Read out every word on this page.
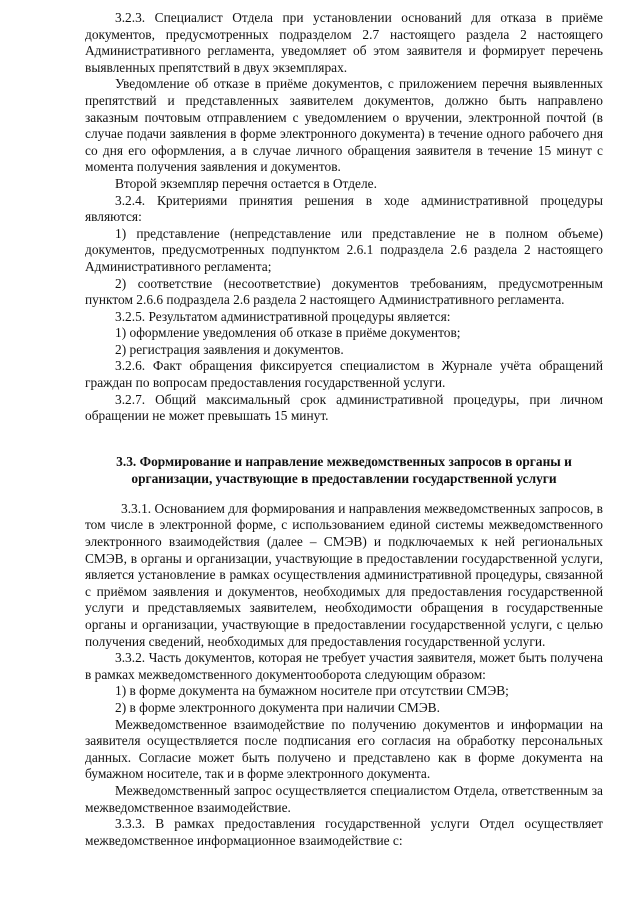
3.2.3. Специалист Отдела при установлении оснований для отказа в приёме документов, предусмотренных подразделом 2.7 настоящего раздела 2 настоящего Административного регламента, уведомляет об этом заявителя и формирует перечень выявленных препятствий в двух экземплярах.

Уведомление об отказе в приёме документов, с приложением перечня выявленных препятствий и представленных заявителем документов, должно быть направлено заказным почтовым отправлением с уведомлением о вручении, электронной почтой (в случае подачи заявления в форме электронного документа) в течение одного рабочего дня со дня его оформления, а в случае личного обращения заявителя в течение 15 минут с момента получения заявления и документов.

Второй экземпляр перечня остается в Отделе.

3.2.4. Критериями принятия решения в ходе административной процедуры являются:

1) представление (непредставление или представление не в полном объеме) документов, предусмотренных подпунктом 2.6.1 подраздела 2.6 раздела 2 настоящего Административного регламента;

2) соответствие (несоответствие) документов требованиям, предусмотренным пунктом 2.6.6 подраздела 2.6 раздела 2 настоящего Административного регламента.

3.2.5. Результатом административной процедуры является:

1) оформление уведомления об отказе в приёме документов;

2) регистрация заявления и документов.

3.2.6. Факт обращения фиксируется специалистом в Журнале учёта обращений граждан по вопросам предоставления государственной услуги.

3.2.7. Общий максимальный срок административной процедуры, при личном обращении не может превышать 15 минут.

3.3. Формирование и направление межведомственных запросов в органы и
организации, участвующие в предоставлении государственной услуги

3.3.1. Основанием для формирования и направления межведомственных запросов, в том числе в электронной форме, с использованием единой системы межведомственного электронного взаимодействия (далее – СМЭВ) и подключаемых к ней региональных СМЭВ, в органы и организации, участвующие в предоставлении государственной услуги, является установление в рамках осуществления административной процедуры, связанной с приёмом заявления и документов, необходимых для предоставления государственной услуги и представляемых заявителем, необходимости обращения в государственные органы и организации, участвующие в предоставлении государственной услуги, с целью получения сведений, необходимых для предоставления государственной услуги.

3.3.2. Часть документов, которая не требует участия заявителя, может быть получена в рамках межведомственного документооборота следующим образом:

1) в форме документа на бумажном носителе при отсутствии СМЭВ;

2) в форме электронного документа при наличии СМЭВ.

Межведомственное взаимодействие по получению документов и информации на заявителя осуществляется после подписания его согласия на обработку персональных данных. Согласие может быть получено и представлено как в форме документа на бумажном носителе, так и в форме электронного документа.

Межведомственный запрос осуществляется специалистом Отдела, ответственным за межведомственное взаимодействие.

3.3.3. В рамках предоставления государственной услуги Отдел осуществляет межведомственное информационное взаимодействие с:
